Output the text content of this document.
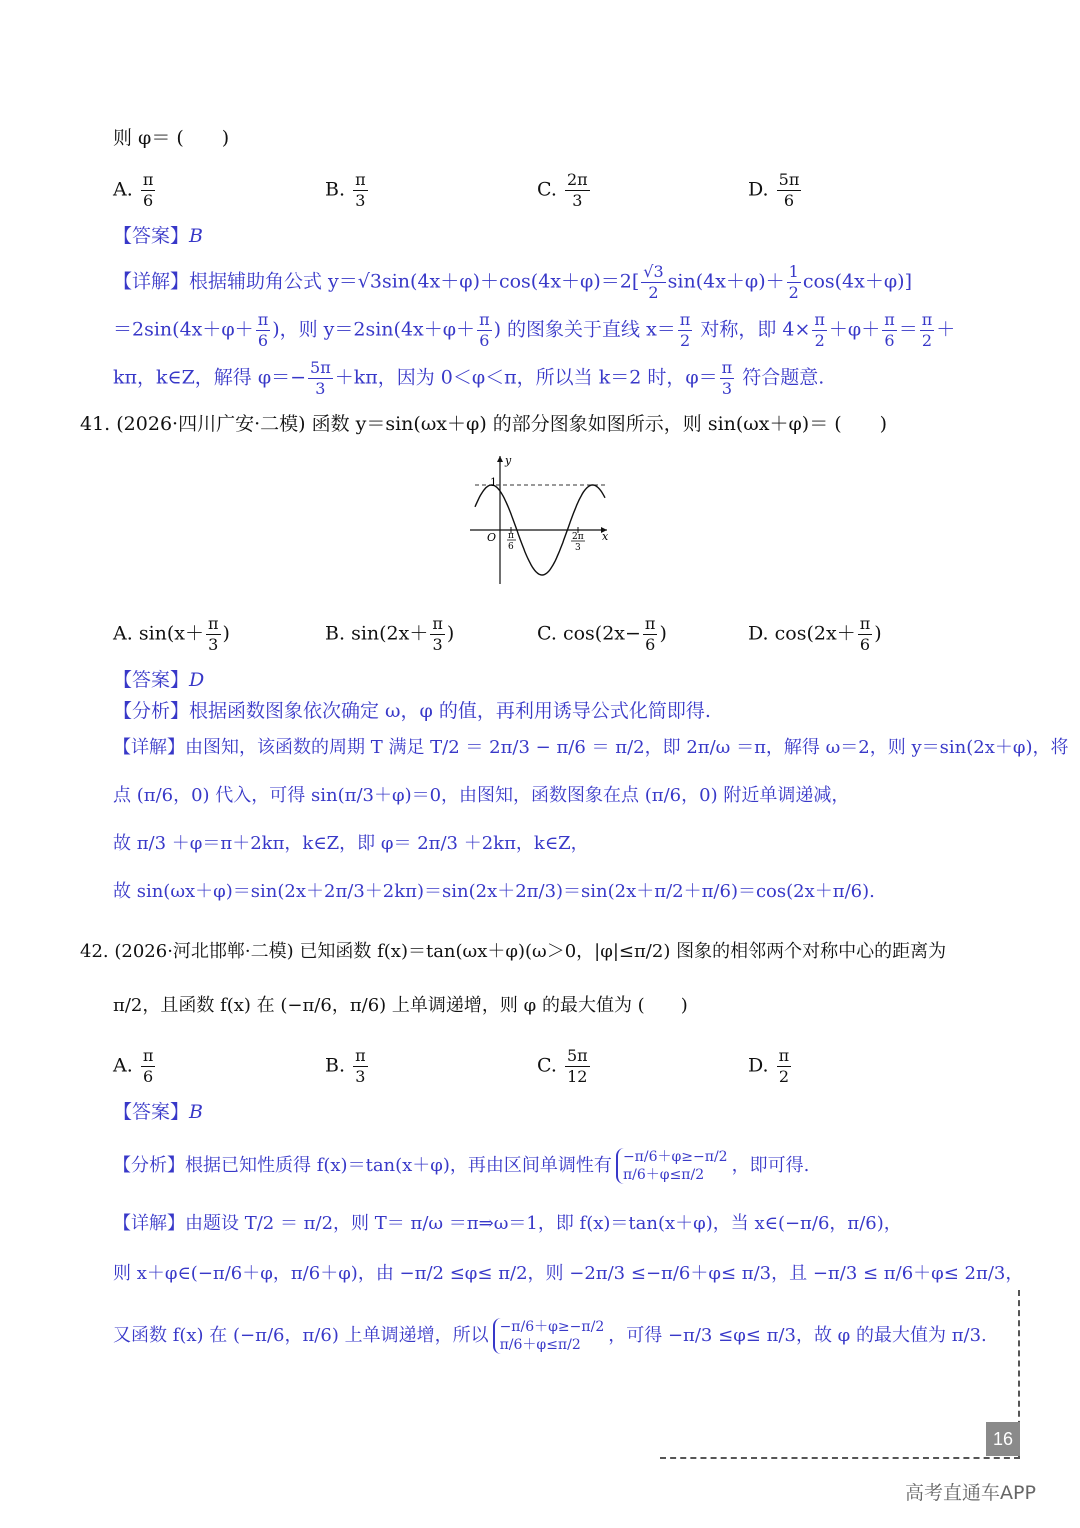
则 φ＝ (　　)
A. $\frac{\pi}{6}$	B. $\frac{\pi}{3}$	C. $\frac{2\pi}{3}$	D. $\frac{5\pi}{6}$
【答案】B
【详解】根据辅助角公式 $y=√3\sin(4x+\varphi)+\cos(4x+\varphi)=2[ \frac{√3}{2} \sin(4x+\varphi)+ \frac{1}{2} \cos(4x+\varphi)]$
$=2\sin(4x+\varphi+ \frac{\pi}{6}$ )，则 $y=2\sin(4x+\varphi+ \frac{\pi}{6}$ ) 的图象关于直线 $x= \frac{\pi}{2}$ 对称，即 $4\times \frac{\pi}{2} +\varphi+ \frac{\pi}{6} = \frac{\pi}{2}$ ＋
kπ，k∈Z，解得 $\varphi=- \frac{5\pi}{3} +k\pi$，因为 0＜φ＜π，所以当 k＝2 时，$\varphi= \frac{\pi}{3}$ 符合题意.
41. (2026·四川广安·二模) 函数 y＝sin(ωx＋φ) 的部分图象如图所示，则 sin(ωx＋φ)＝ (　　)
y
x
O
1
π
6
2π
3
A. $\sin(x+ \frac{\pi}{3}$ )	B. $\sin(2x+ \frac{\pi}{3}$ )	C. $\cos(2x- \frac{\pi}{6}$ )	D. $\cos(2x+ \frac{\pi}{6}$ )
【答案】D
【分析】根据函数图象依次确定 ω，φ 的值，再利用诱导公式化简即得.
【详解】由图知，该函数的周期 T 满足 T/2 ＝ 2π/3 − π/6 ＝ π/2，即 2π/ω ＝π，解得 ω＝2，则 y＝sin(2x＋φ)，将
点 (π/6，0) 代入，可得 sin(π/3＋φ)＝0，由图知，函数图象在点 (π/6，0) 附近单调递减，
故 π/3 ＋φ＝π＋2kπ，k∈Z，即 φ＝ 2π/3 ＋2kπ，k∈Z，
故 sin(ωx＋φ)＝sin(2x＋2π/3＋2kπ)＝sin(2x＋2π/3)＝sin(2x＋π/2＋π/6)＝cos(2x＋π/6).
42. (2026·河北邯郸·二模) 已知函数 f(x)＝tan(ωx＋φ)(ω＞0，|φ|≤π/2) 图象的相邻两个对称中心的距离为
π/2，且函数 f(x) 在 (−π/6，π/6) 上单调递增，则 φ 的最大值为 (　　)
A. $\frac{\pi}{6}$	B. $\frac{\pi}{3}$	C. $\frac{5\pi}{12}$	D. $\frac{\pi}{2}$
【答案】B
【分析】根据已知性质得 f(x)＝tan(x＋φ)，再由区间单调性有 −π/6＋φ≥−π/2
π/6＋φ≤π/2	，即可得.
【详解】由题设 T/2 ＝ π/2，则 T＝ π/ω ＝π⇒ω＝1，即 f(x)＝tan(x＋φ)，当 x∈(−π/6，π/6)，
则 x＋φ∈(−π/6＋φ，π/6＋φ)，由 −π/2 ≤φ≤ π/2，则 −2π/3 ≤−π/6＋φ≤ π/3，且 −π/3 ≤ π/6＋φ≤ 2π/3，
又函数 f(x) 在 (−π/6，π/6) 上单调递增，所以 −π/6＋φ≥−π/2
π/6＋φ≤π/2	，可得 −π/3 ≤φ≤ π/3，故 φ 的最大值为 π/3.
16
高考直通车APP
